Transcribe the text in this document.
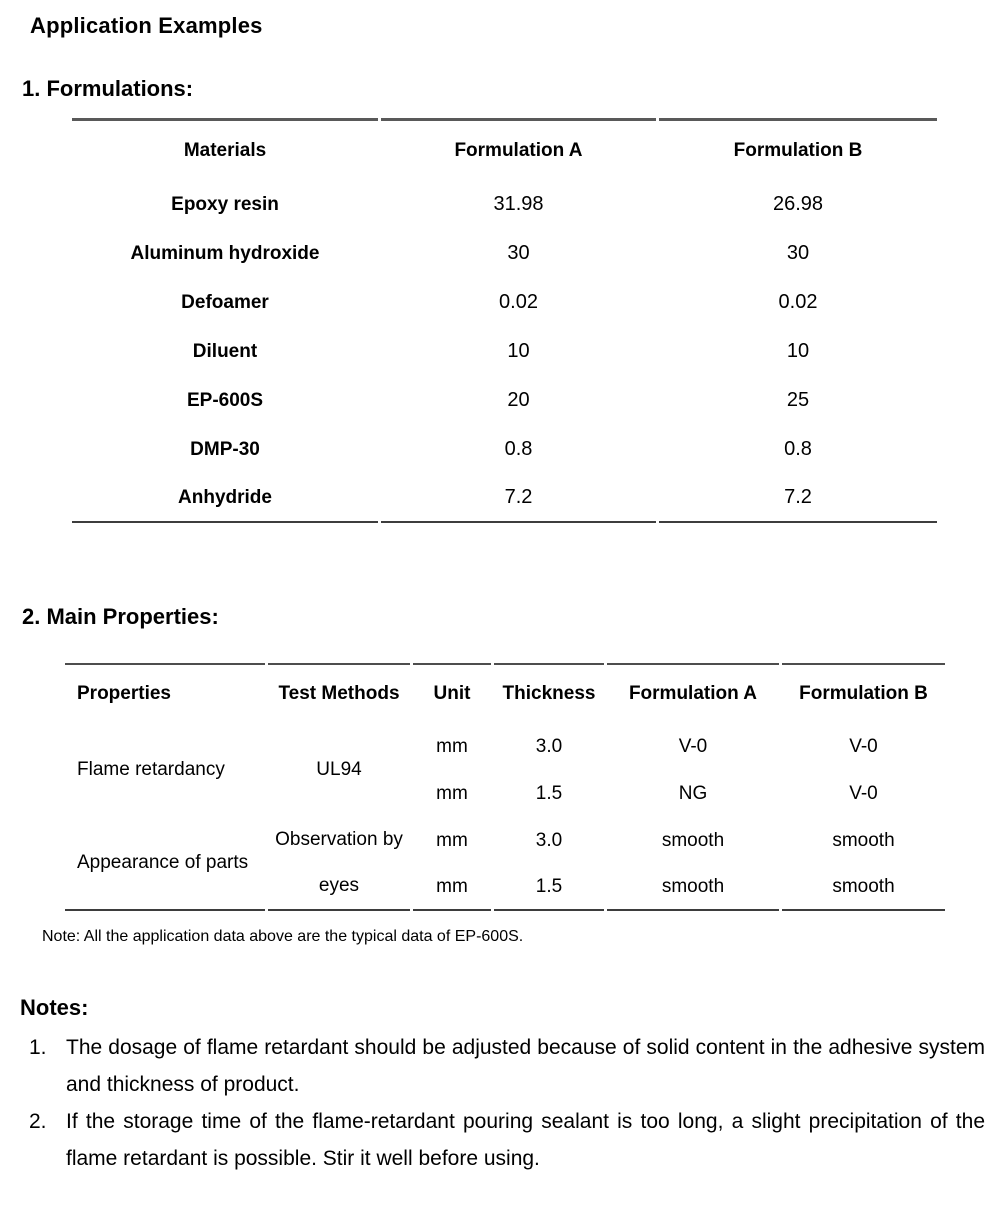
Application Examples
1. Formulations:
Materials	Formulation A	Formulation B
Epoxy resin	31.98	26.98
Aluminum hydroxide	30	30
Defoamer	0.02	0.02
Diluent	10	10
EP-600S	20	25
DMP-30	0.8	0.8
Anhydride	7.2	7.2
2. Main Properties:
Properties	Test Methods	Unit	Thickness	Formulation A	Formulation B
Flame retardancy	UL94	mm	3.0	V-0	V-0
		mm	1.5	NG	V-0
Appearance of parts	Observation by eyes	mm	3.0	smooth	smooth
		mm	1.5	smooth	smooth
Note: All the application data above are the typical data of EP-600S.
Notes:
1. The dosage of flame retardant should be adjusted because of solid content in the adhesive system and thickness of product.
2. If the storage time of the flame-retardant pouring sealant is too long, a slight precipitation of the flame retardant is possible. Stir it well before using.
